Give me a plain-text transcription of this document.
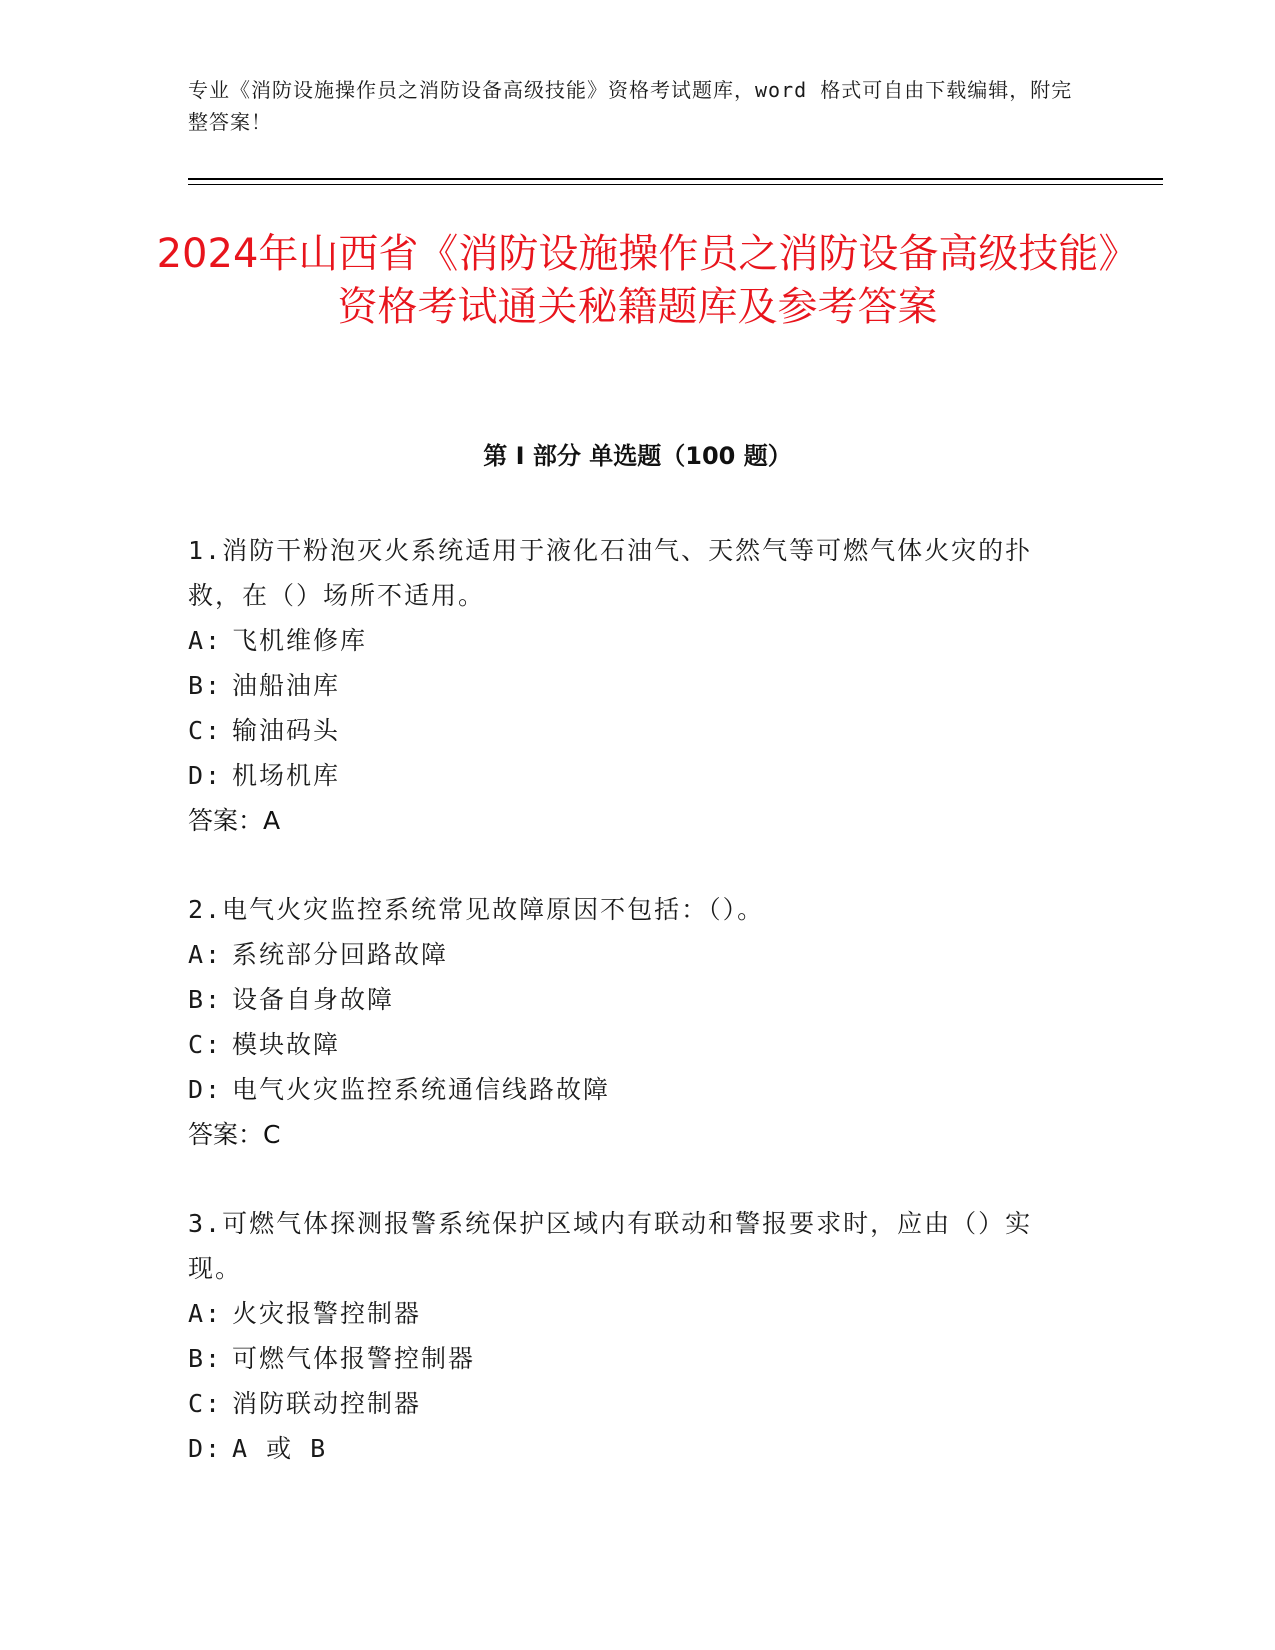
专业《消防设施操作员之消防设备高级技能》资格考试题库，word 格式可自由下载编辑，附完整答案！
2024年山西省《消防设施操作员之消防设备高级技能》资格考试通关秘籍题库及参考答案
第 I 部分 单选题（100 题）
1.消防干粉泡灭火系统适用于液化石油气、天然气等可燃气体火灾的扑救，在（）场所不适用。
A: 飞机维修库
B: 油船油库
C: 输油码头
D: 机场机库
答案：A
2.电气火灾监控系统常见故障原因不包括：（）。
A: 系统部分回路故障
B: 设备自身故障
C: 模块故障
D: 电气火灾监控系统通信线路故障
答案：C
3.可燃气体探测报警系统保护区域内有联动和警报要求时，应由（）实现。
A: 火灾报警控制器
B: 可燃气体报警控制器
C: 消防联动控制器
D: A 或 B
